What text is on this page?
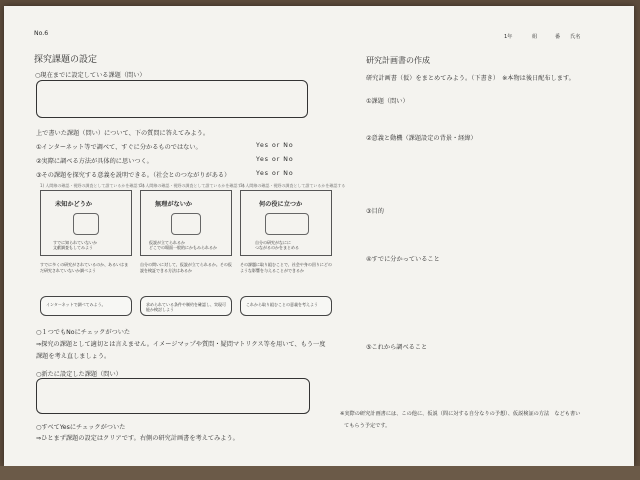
No.6	1年	組	番 氏名
探究課題の設定
○現在までに設定している課題（問い）
上で書いた課題（問い）について、下の質問に答えてみよう。
①インターネット等で調べて、すぐに分かるものではない。	Yes or No
②実際に調べる方法が具体的に思いつく。	Yes or No
③その課題を探究する意義を説明できる。（社会とのつながりがある）	Yes or No
1) 人間線の確認・視野の調査として誰ているかを確認する
未知かどうか
すでに知られていないか
文献調査もしてみよう
2) 人間線の確認・視野の調査として誰ているかを確認する
無理がないか
仮説が立てられるか
どこでの場面一般的にかもみられるか
3) 人間線の確認・視野の調査として誰ているかを確認する
何の役に立つか
自分の研究がなにに
つながるのかをまとめる
すでに多くの研究がされているのか、あるいはまだ研究されていないか調べよう
自分の問いに対して、仮説が立てられるか。その仮説を検証できる方法はあるか
その課題に取り組むことで、社会や身の回りにどのような影響を与えることができるか
インターネットで調べてみよう。	求められている条件や制約を確認し、実現可能か検討しよう
これから取り組むことの意義を考えよう
○１つでもNoにチェックがついた
⇒探究の課題として適切とは言えません。イメージマップや質問・疑問マトリクス等を用いて、もう一度
課題を考え直しましょう。
○新たに設定した課題（問い）
○すべてYesにチェックがついた
⇒ひとまず課題の設定はクリアです。右側の研究計画書を考えてみよう。
研究計画書の作成
研究計画書（仮）をまとめてみよう。（下書き）　※本物は後日配布します。
①課題（問い）
②意義と動機（課題設定の背景・経緯）
③目的
④すでに分かっていること
⑤これから調べること
※実際の研究計画書には、この他に、仮説（問に対する自分なりの予想）、仮説検証の方法　なども書い
てもらう予定です。
